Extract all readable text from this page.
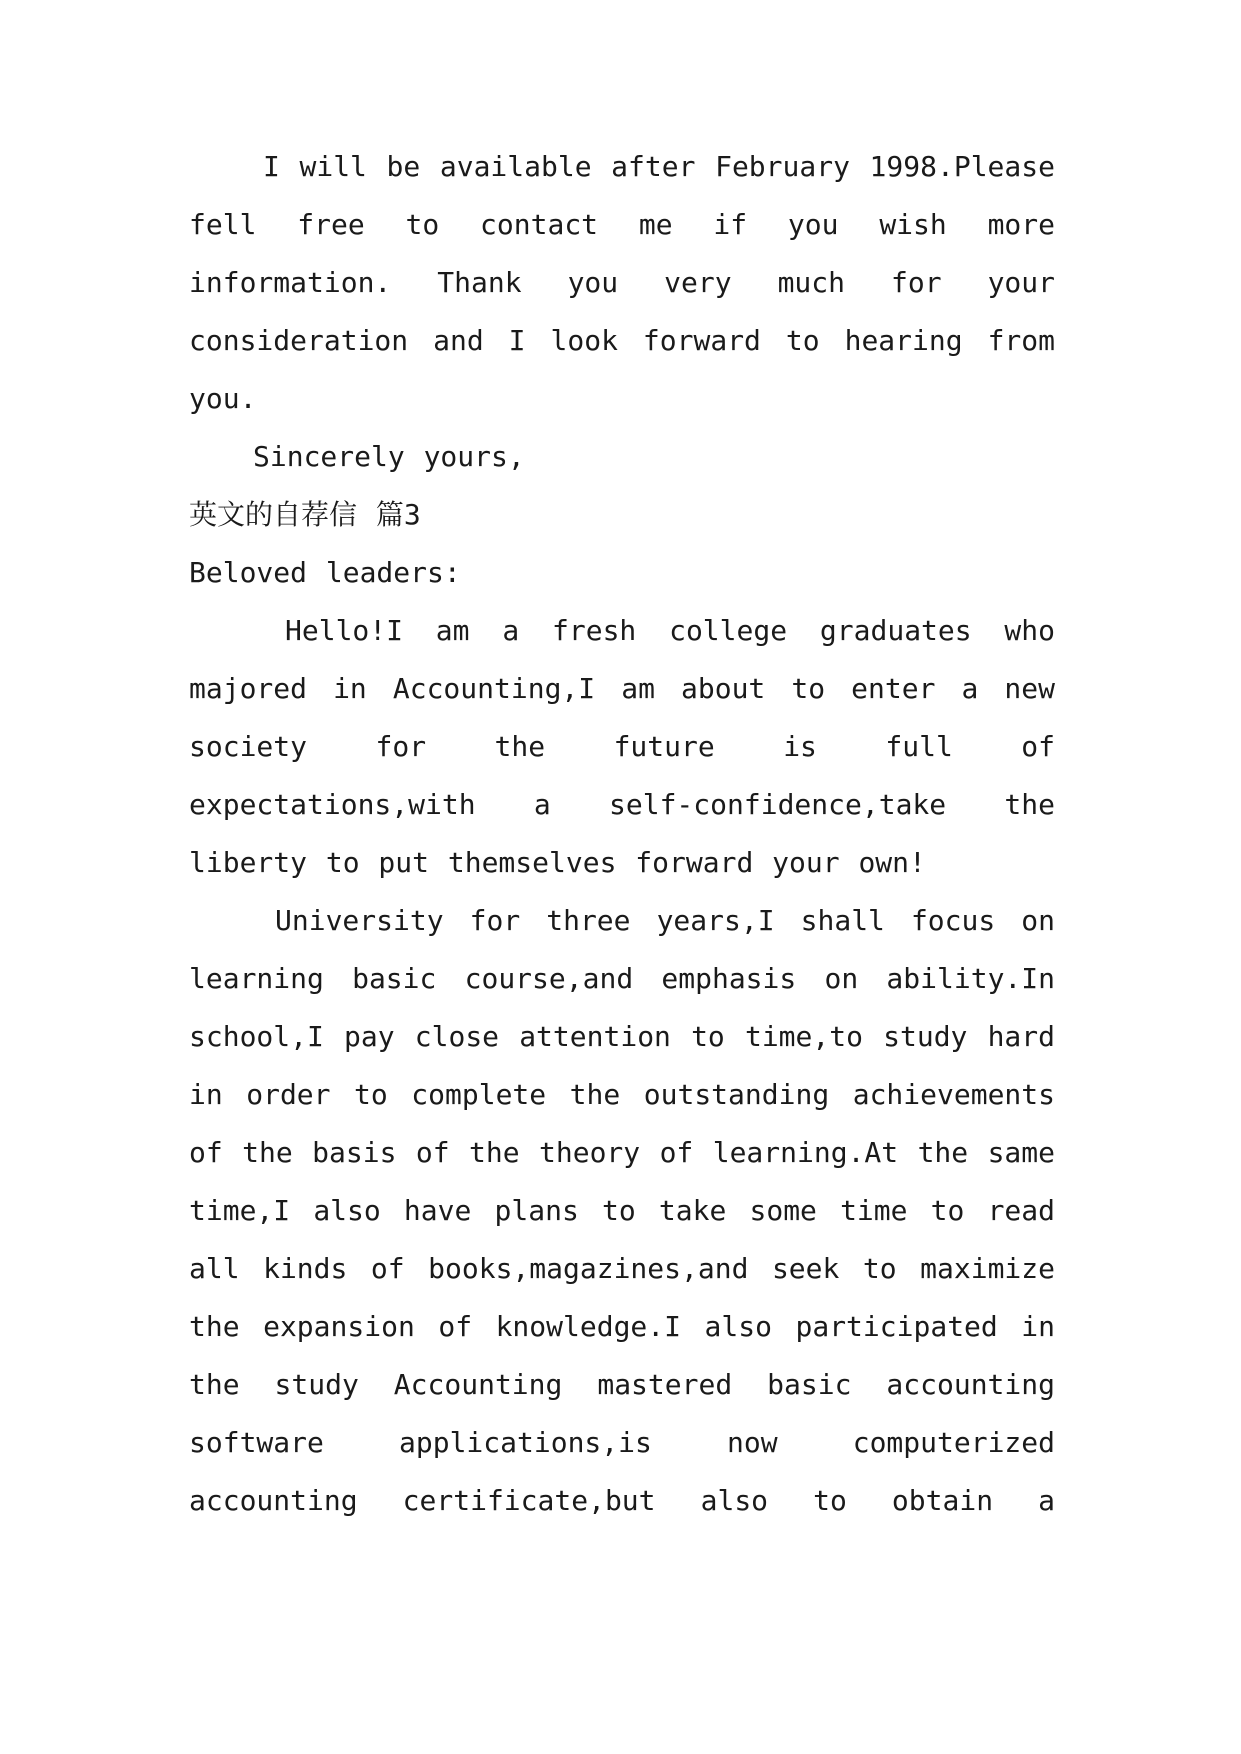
I will be available after February 1998.Please fell free to contact me if you wish more information. Thank you very much for your consideration and I look forward to hearing from you.

Sincerely yours,

英文的自荐信 篇3

Beloved leaders:

Hello!I am a fresh college graduates who majored in Accounting,I am about to enter a new society for the future is full of expectations,with a self-confidence,take the liberty to put themselves forward your own!

University for three years,I shall focus on learning basic course,and emphasis on ability.In school,I pay close attention to time,to study hard in order to complete the outstanding achievements of the basis of the theory of learning.At the same time,I also have plans to take some time to read all kinds of books,magazines,and seek to maximize the expansion of knowledge.I also participated in the study Accounting mastered basic accounting software applications,is now computerized accounting certificate,but also to obtain a
